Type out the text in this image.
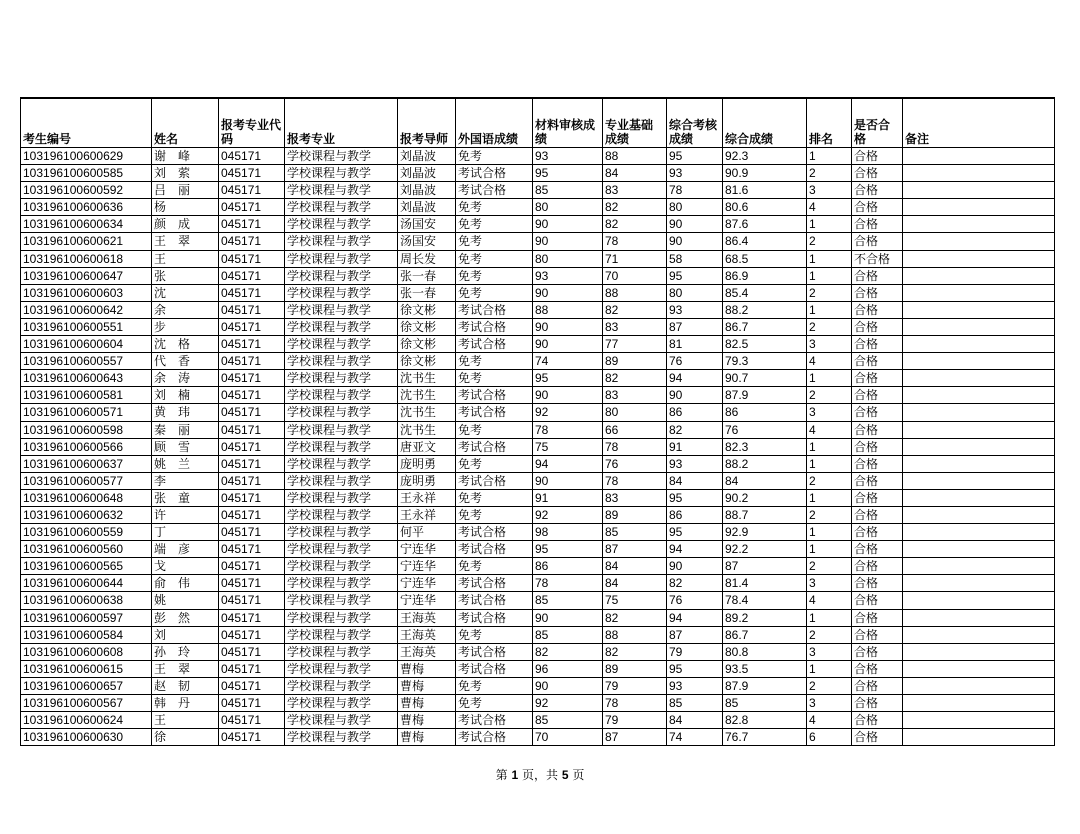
考生编号	姓名	报考专业代码	报考专业	报考导师	外国语成绩	材料审核成绩	专业基础成绩	综合考核成绩	综合成绩	排名	是否合格	备注
103196100600629	谢　峰	045171	学校课程与教学	刘晶波	免考	93	88	95	92.3	1	合格	
103196100600585	刘　萦	045171	学校课程与教学	刘晶波	考试合格	95	84	93	90.9	2	合格	
103196100600592	吕　丽	045171	学校课程与教学	刘晶波	考试合格	85	83	78	81.6	3	合格	
103196100600636	杨	045171	学校课程与教学	刘晶波	免考	80	82	80	80.6	4	合格	
103196100600634	颜　成	045171	学校课程与教学	汤国安	免考	90	82	90	87.6	1	合格	
103196100600621	王　翠	045171	学校课程与教学	汤国安	免考	90	78	90	86.4	2	合格	
103196100600618	王	045171	学校课程与教学	周长发	免考	80	71	58	68.5	1	不合格	
103196100600647	张	045171	学校课程与教学	张一春	免考	93	70	95	86.9	1	合格	
103196100600603	沈	045171	学校课程与教学	张一春	免考	90	88	80	85.4	2	合格	
103196100600642	余	045171	学校课程与教学	徐文彬	考试合格	88	82	93	88.2	1	合格	
103196100600551	步	045171	学校课程与教学	徐文彬	考试合格	90	83	87	86.7	2	合格	
103196100600604	沈　格	045171	学校课程与教学	徐文彬	考试合格	90	77	81	82.5	3	合格	
103196100600557	代　香	045171	学校课程与教学	徐文彬	免考	74	89	76	79.3	4	合格	
103196100600643	余　涛	045171	学校课程与教学	沈书生	免考	95	82	94	90.7	1	合格	
103196100600581	刘　楠	045171	学校课程与教学	沈书生	考试合格	90	83	90	87.9	2	合格	
103196100600571	黄　玮	045171	学校课程与教学	沈书生	考试合格	92	80	86	86	3	合格	
103196100600598	秦　丽	045171	学校课程与教学	沈书生	免考	78	66	82	76	4	合格	
103196100600566	顾　雪	045171	学校课程与教学	唐亚文	考试合格	75	78	91	82.3	1	合格	
103196100600637	姚　兰	045171	学校课程与教学	庞明勇	免考	94	76	93	88.2	1	合格	
103196100600577	李	045171	学校课程与教学	庞明勇	考试合格	90	78	84	84	2	合格	
103196100600648	张　童	045171	学校课程与教学	王永祥	免考	91	83	95	90.2	1	合格	
103196100600632	许	045171	学校课程与教学	王永祥	免考	92	89	86	88.7	2	合格	
103196100600559	丁	045171	学校课程与教学	何平	考试合格	98	85	95	92.9	1	合格	
103196100600560	端　彦	045171	学校课程与教学	宁连华	考试合格	95	87	94	92.2	1	合格	
103196100600565	戈	045171	学校课程与教学	宁连华	免考	86	84	90	87	2	合格	
103196100600644	俞　伟	045171	学校课程与教学	宁连华	考试合格	78	84	82	81.4	3	合格	
103196100600638	姚	045171	学校课程与教学	宁连华	考试合格	85	75	76	78.4	4	合格	
103196100600597	彭　然	045171	学校课程与教学	王海英	考试合格	90	82	94	89.2	1	合格	
103196100600584	刘	045171	学校课程与教学	王海英	免考	85	88	87	86.7	2	合格	
103196100600608	孙　玲	045171	学校课程与教学	王海英	考试合格	82	82	79	80.8	3	合格	
103196100600615	王　翠	045171	学校课程与教学	曹梅	考试合格	96	89	95	93.5	1	合格	
103196100600657	赵　韧	045171	学校课程与教学	曹梅	免考	90	79	93	87.9	2	合格	
103196100600567	韩　丹	045171	学校课程与教学	曹梅	免考	92	78	85	85	3	合格	
103196100600624	王	045171	学校课程与教学	曹梅	考试合格	85	79	84	82.8	4	合格	
103196100600630	徐	045171	学校课程与教学	曹梅	考试合格	70	87	74	76.7	6	合格	
第 1 页，共 5 页
